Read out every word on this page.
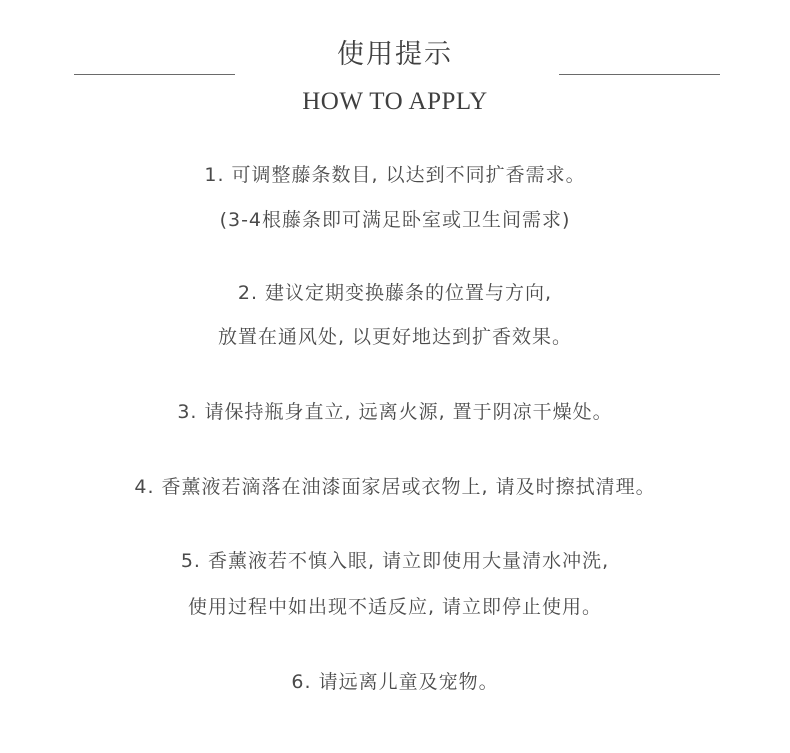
使用提示
HOW TO APPLY
1. 可调整藤条数目, 以达到不同扩香需求。
(3-4根藤条即可满足卧室或卫生间需求)
2. 建议定期变换藤条的位置与方向,
放置在通风处, 以更好地达到扩香效果。
3. 请保持瓶身直立, 远离火源, 置于阴凉干燥处。
4. 香薰液若滴落在油漆面家居或衣物上, 请及时擦拭清理。
5. 香薰液若不慎入眼, 请立即使用大量清水冲洗,
使用过程中如出现不适反应, 请立即停止使用。
6. 请远离儿童及宠物。
